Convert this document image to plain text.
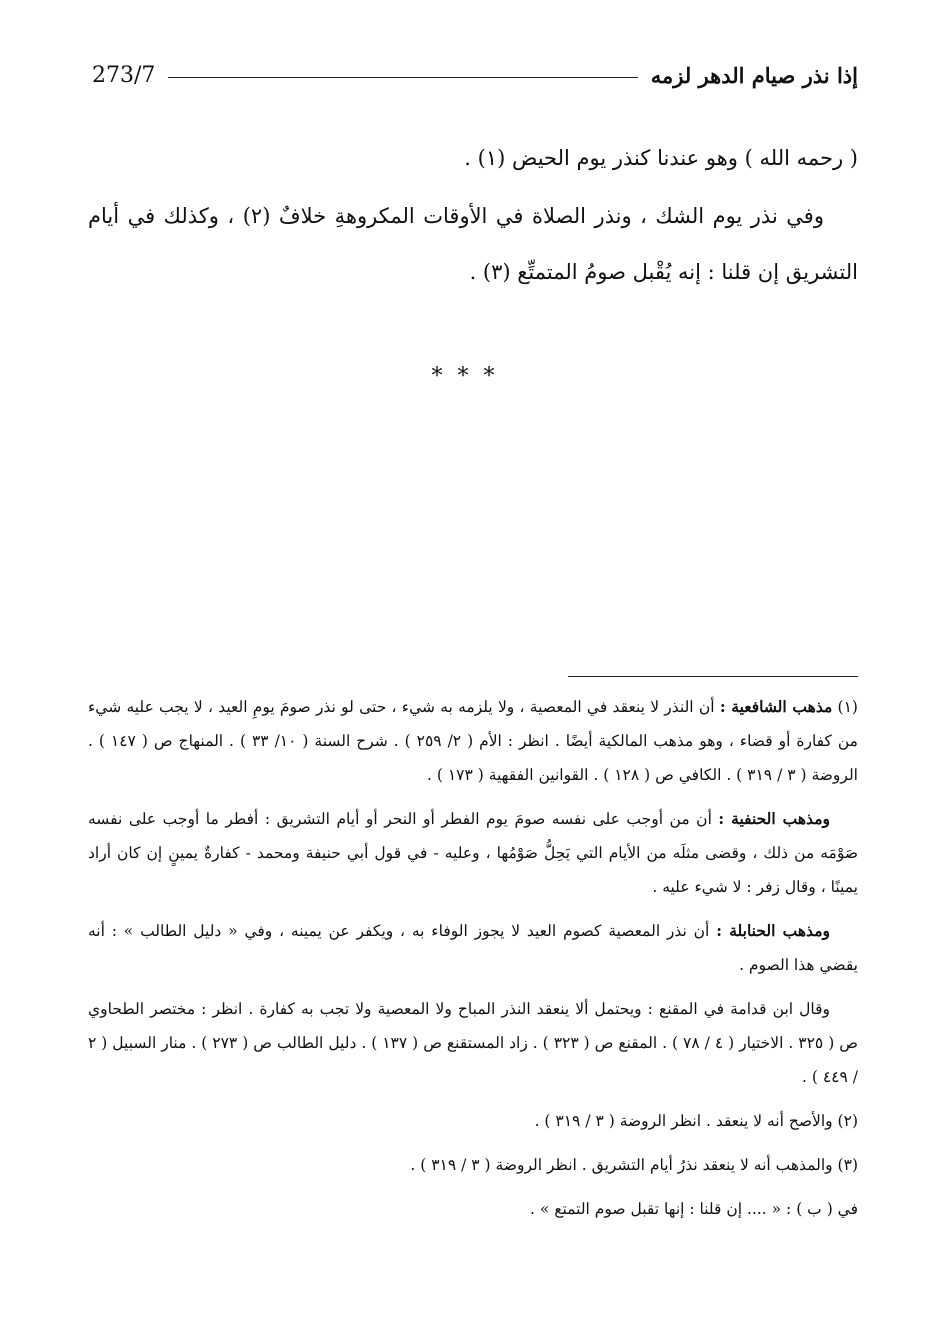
273/7	إذا نذر صيام الدهر لزمه

( رحمه الله ) وهو عندنا كنذر يوم الحيض (١) .

وفي نذر يوم الشك ، ونذر الصلاة في الأوقات المكروهةِ خلافٌ (٢) ، وكذلك في أيام التشريق إن قلنا : إنه يُقْبل صومُ المتمتِّع (٣) .

* * *

(١) مذهب الشافعية : أن النذر لا ينعقد في المعصية ، ولا يلزمه به شيء ، حتى لو نذر صومَ يومِ العيد ، لا يجب عليه شيء من كفارة أو قضاء ، وهو مذهب المالكية أيضًا . انظر : الأم ( ٢/ ٢٥٩ ) . شرح السنة ( ١٠/ ٣٣ ) . المنهاج ص ( ١٤٧ ) . الروضة ( ٣ / ٣١٩ ) . الكافي ص ( ١٢٨ ) . القوانين الفقهية ( ١٧٣ ) .

ومذهب الحنفية : أن من أوجب على نفسه صومَ يوم الفطر أو النحر أو أيام التشريق : أفطر ما أوجب على نفسه صَوْمَه من ذلك ، وقضى مثلَه من الأيام التي يَحِلُّ صَوْمُها ، وعليه - في قول أبي حنيفة ومحمد - كفارةٌ يمينٍ إن كان أراد يمينًا ، وقال زفر : لا شيء عليه .

ومذهب الحنابلة : أن نذر المعصية كصوم العيد لا يجوز الوفاء به ، ويكفر عن يمينه ، وفي « دليل الطالب » : أنه يقضي هذا الصوم .

وقال ابن قدامة في المقنع : ويحتمل ألا ينعقد النذر المباح ولا المعصية ولا تجب به كفارة . انظر : مختصر الطحاوي ص ( ٣٢٥ . الاختيار ( ٤ / ٧٨ ) . المقنع ص ( ٣٢٣ ) . زاد المستقنع ص ( ١٣٧ ) . دليل الطالب ص ( ٢٧٣ ) . منار السبيل ( ٢ / ٤٤٩ ) .

(٢) والأصح أنه لا ينعقد . انظر الروضة ( ٣ / ٣١٩ ) .

(٣) والمذهب أنه لا ينعقد نذرُ أيام التشريق . انظر الروضة ( ٣ / ٣١٩ ) .

في ( ب ) : « .... إن قلنا : إنها تقبل صوم التمتع » .
